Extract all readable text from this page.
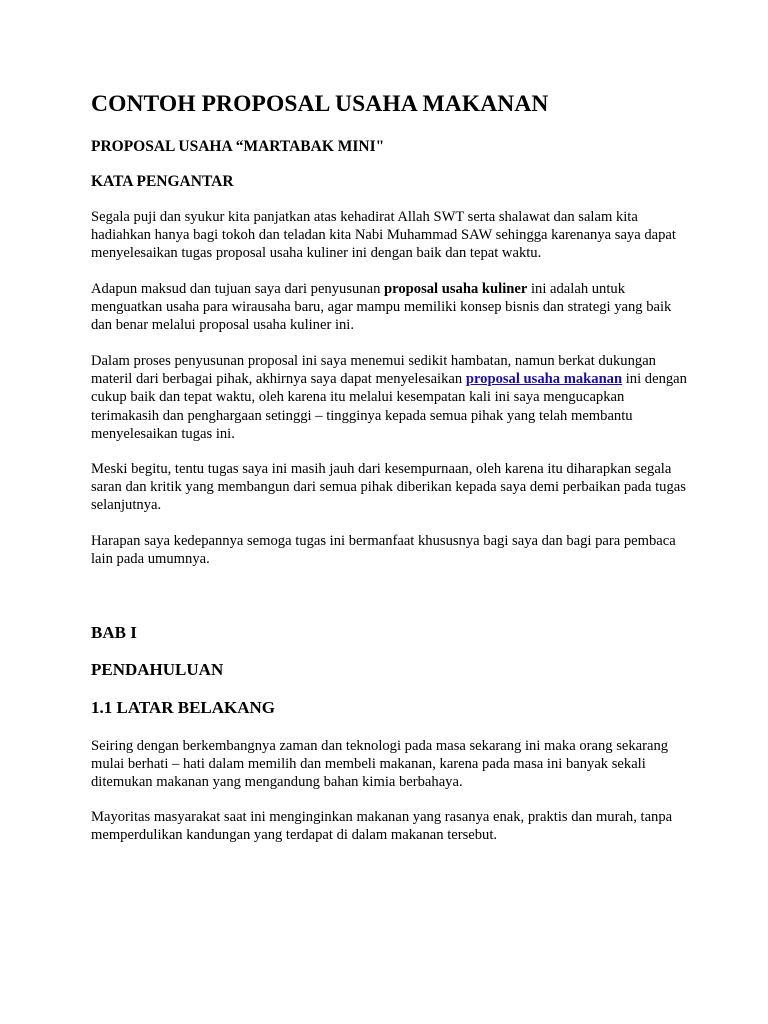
CONTOH PROPOSAL USAHA MAKANAN
PROPOSAL USAHA “MARTABAK MINI"
KATA PENGANTAR

Segala puji dan syukur kita panjatkan atas kehadirat Allah SWT serta shalawat dan salam kita hadiahkan hanya bagi tokoh dan teladan kita Nabi Muhammad SAW sehingga karenanya saya dapat menyelesaikan tugas proposal usaha kuliner ini dengan baik dan tepat waktu.

Adapun maksud dan tujuan saya dari penyusunan proposal usaha kuliner ini adalah untuk menguatkan usaha para wirausaha baru, agar mampu memiliki konsep bisnis dan strategi yang baik dan benar melalui proposal usaha kuliner ini.

Dalam proses penyusunan proposal ini saya menemui sedikit hambatan, namun berkat dukungan materil dari berbagai pihak, akhirnya saya dapat menyelesaikan proposal usaha makanan ini dengan cukup baik dan tepat waktu, oleh karena itu melalui kesempatan kali ini saya mengucapkan terimakasih dan penghargaan setinggi – tingginya kepada semua pihak yang telah membantu menyelesaikan tugas ini.

Meski begitu, tentu tugas saya ini masih jauh dari kesempurnaan, oleh karena itu diharapkan segala saran dan kritik yang membangun dari semua pihak diberikan kepada saya demi perbaikan pada tugas selanjutnya.

Harapan saya kedepannya semoga tugas ini bermanfaat khususnya bagi saya dan bagi para pembaca lain pada umumnya.

BAB I
PENDAHULUAN
1.1 LATAR BELAKANG

Seiring dengan berkembangnya zaman dan teknologi pada masa sekarang ini maka orang sekarang mulai berhati – hati dalam memilih dan membeli makanan, karena pada masa ini banyak sekali ditemukan makanan yang mengandung bahan kimia berbahaya.

Mayoritas masyarakat saat ini menginginkan makanan yang rasanya enak, praktis dan murah, tanpa memperdulikan kandungan yang terdapat di dalam makanan tersebut.
